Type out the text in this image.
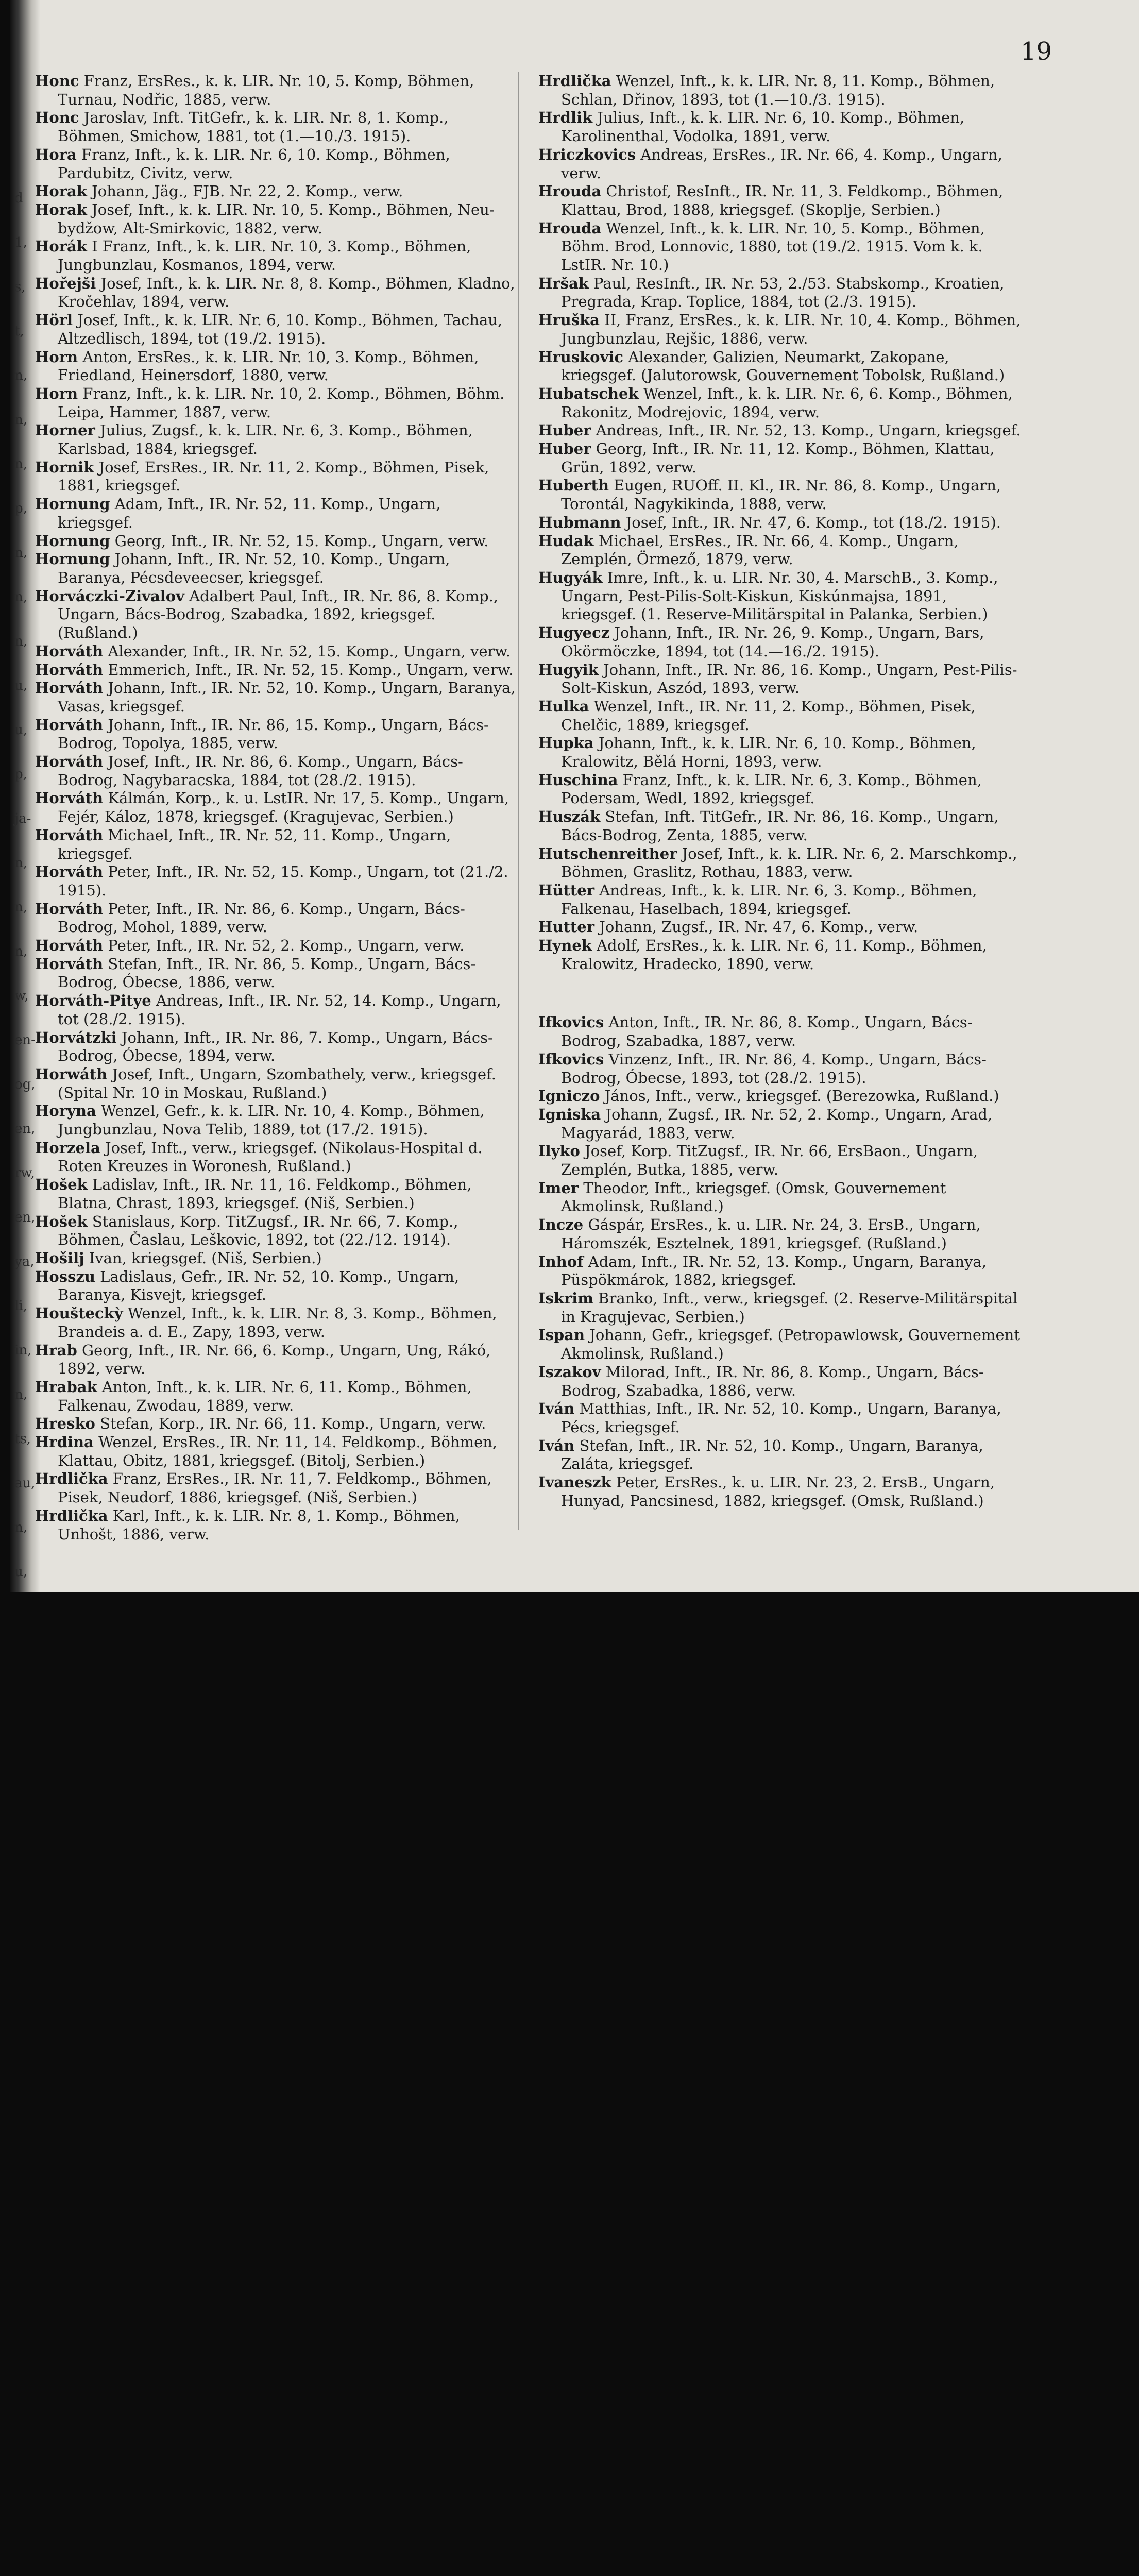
d
1,
s,
t,
n,
n,
n,
p,
n,
n,
n,
u,
u,
p,
ja-
n,
n,
n,
w,
en-
og,
en,
rw,
en,
ya,
li,
in,
n,
ts,
au,
n,
u,
19
Honc Franz, ErsRes., k. k. LIR. Nr. 10, 5. Komp, Böhmen, Turnau, Nodřic, 1885, verw.
Honc Jaroslav, Inft. TitGefr., k. k. LIR. Nr. 8, 1. Komp., Böhmen, Smichow, 1881, tot (1.—10./3. 1915).
Hora Franz, Inft., k. k. LIR. Nr. 6, 10. Komp., Böhmen, Pardubitz, Civitz, verw.
Horak Johann, Jäg., FJB. Nr. 22, 2. Komp., verw.
Horak Josef, Inft., k. k. LIR. Nr. 10, 5. Komp., Böhmen, Neu-bydžow, Alt-Smirkovic, 1882, verw.
Horák I Franz, Inft., k. k. LIR. Nr. 10, 3. Komp., Böhmen, Jungbunzlau, Kosmanos, 1894, verw.
Hořejši Josef, Inft., k. k. LIR. Nr. 8, 8. Komp., Böhmen, Kladno, Kročehlav, 1894, verw.
Hörl Josef, Inft., k. k. LIR. Nr. 6, 10. Komp., Böhmen, Tachau, Altzedlisch, 1894, tot (19./2. 1915).
Horn Anton, ErsRes., k. k. LIR. Nr. 10, 3. Komp., Böhmen, Friedland, Heinersdorf, 1880, verw.
Horn Franz, Inft., k. k. LIR. Nr. 10, 2. Komp., Böhmen, Böhm. Leipa, Hammer, 1887, verw.
Horner Julius, Zugsf., k. k. LIR. Nr. 6, 3. Komp., Böhmen, Karlsbad, 1884, kriegsgef.
Hornik Josef, ErsRes., IR. Nr. 11, 2. Komp., Böhmen, Pisek, 1881, kriegsgef.
Hornung Adam, Inft., IR. Nr. 52, 11. Komp., Ungarn, kriegsgef.
Hornung Georg, Inft., IR. Nr. 52, 15. Komp., Ungarn, verw.
Hornung Johann, Inft., IR. Nr. 52, 10. Komp., Ungarn, Baranya, Pécsdeveecser, kriegsgef.
Horváczki-Zivalov Adalbert Paul, Inft., IR. Nr. 86, 8. Komp., Ungarn, Bács-Bodrog, Szabadka, 1892, kriegsgef. (Rußland.)
Horváth Alexander, Inft., IR. Nr. 52, 15. Komp., Ungarn, verw.
Horváth Emmerich, Inft., IR. Nr. 52, 15. Komp., Ungarn, verw.
Horváth Johann, Inft., IR. Nr. 52, 10. Komp., Ungarn, Baranya, Vasas, kriegsgef.
Horváth Johann, Inft., IR. Nr. 86, 15. Komp., Ungarn, Bács-Bodrog, Topolya, 1885, verw.
Horváth Josef, Inft., IR. Nr. 86, 6. Komp., Ungarn, Bács-Bodrog, Nagybaracska, 1884, tot (28./2. 1915).
Horváth Kálmán, Korp., k. u. LstIR. Nr. 17, 5. Komp., Ungarn, Fejér, Káloz, 1878, kriegsgef. (Kragujevac, Serbien.)
Horváth Michael, Inft., IR. Nr. 52, 11. Komp., Ungarn, kriegsgef.
Horváth Peter, Inft., IR. Nr. 52, 15. Komp., Ungarn, tot (21./2. 1915).
Horváth Peter, Inft., IR. Nr. 86, 6. Komp., Ungarn, Bács-Bodrog, Mohol, 1889, verw.
Horváth Peter, Inft., IR. Nr. 52, 2. Komp., Ungarn, verw.
Horváth Stefan, Inft., IR. Nr. 86, 5. Komp., Ungarn, Bács-Bodrog, Óbecse, 1886, verw.
Horváth-Pitye Andreas, Inft., IR. Nr. 52, 14. Komp., Ungarn, tot (28./2. 1915).
Horvátzki Johann, Inft., IR. Nr. 86, 7. Komp., Ungarn, Bács-Bodrog, Óbecse, 1894, verw.
Horwáth Josef, Inft., Ungarn, Szombathely, verw., kriegsgef. (Spital Nr. 10 in Moskau, Rußland.)
Horyna Wenzel, Gefr., k. k. LIR. Nr. 10, 4. Komp., Böhmen, Jungbunzlau, Nova Telib, 1889, tot (17./2. 1915).
Horzela Josef, Inft., verw., kriegsgef. (Nikolaus-Hospital d. Roten Kreuzes in Woronesh, Rußland.)
Hošek Ladislav, Inft., IR. Nr. 11, 16. Feldkomp., Böhmen, Blatna, Chrast, 1893, kriegsgef. (Niš, Serbien.)
Hošek Stanislaus, Korp. TitZugsf., IR. Nr. 66, 7. Komp., Böhmen, Časlau, Leškovic, 1892, tot (22./12. 1914).
Hošilj Ivan, kriegsgef. (Niš, Serbien.)
Hosszu Ladislaus, Gefr., IR. Nr. 52, 10. Komp., Ungarn, Baranya, Kisvejt, kriegsgef.
Houšteckỳ Wenzel, Inft., k. k. LIR. Nr. 8, 3. Komp., Böhmen, Brandeis a. d. E., Zapy, 1893, verw.
Hrab Georg, Inft., IR. Nr. 66, 6. Komp., Ungarn, Ung, Rákó, 1892, verw.
Hrabak Anton, Inft., k. k. LIR. Nr. 6, 11. Komp., Böhmen, Falkenau, Zwodau, 1889, verw.
Hresko Stefan, Korp., IR. Nr. 66, 11. Komp., Ungarn, verw.
Hrdina Wenzel, ErsRes., IR. Nr. 11, 14. Feldkomp., Böhmen, Klattau, Obitz, 1881, kriegsgef. (Bitolj, Serbien.)
Hrdlička Franz, ErsRes., IR. Nr. 11, 7. Feldkomp., Böhmen, Pisek, Neudorf, 1886, kriegsgef. (Niš, Serbien.)
Hrdlička Karl, Inft., k. k. LIR. Nr. 8, 1. Komp., Böhmen, Unhošt, 1886, verw.
Hrdlička Wenzel, Inft., k. k. LIR. Nr. 8, 11. Komp., Böhmen, Schlan, Dřinov, 1893, tot (1.—10./3. 1915).
Hrdlik Julius, Inft., k. k. LIR. Nr. 6, 10. Komp., Böhmen, Karolinenthal, Vodolka, 1891, verw.
Hriczkovics Andreas, ErsRes., IR. Nr. 66, 4. Komp., Ungarn, verw.
Hrouda Christof, ResInft., IR. Nr. 11, 3. Feldkomp., Böhmen, Klattau, Brod, 1888, kriegsgef. (Skoplje, Serbien.)
Hrouda Wenzel, Inft., k. k. LIR. Nr. 10, 5. Komp., Böhmen, Böhm. Brod, Lonnovic, 1880, tot (19./2. 1915. Vom k. k. LstIR. Nr. 10.)
Hršak Paul, ResInft., IR. Nr. 53, 2./53. Stabskomp., Kroatien, Pregrada, Krap. Toplice, 1884, tot (2./3. 1915).
Hruška II, Franz, ErsRes., k. k. LIR. Nr. 10, 4. Komp., Böhmen, Jungbunzlau, Rejšic, 1886, verw.
Hruskovic Alexander, Galizien, Neumarkt, Zakopane, kriegsgef. (Jalutorowsk, Gouvernement Tobolsk, Rußland.)
Hubatschek Wenzel, Inft., k. k. LIR. Nr. 6, 6. Komp., Böhmen, Rakonitz, Modrejovic, 1894, verw.
Huber Andreas, Inft., IR. Nr. 52, 13. Komp., Ungarn, kriegsgef.
Huber Georg, Inft., IR. Nr. 11, 12. Komp., Böhmen, Klattau, Grün, 1892, verw.
Huberth Eugen, RUOff. II. Kl., IR. Nr. 86, 8. Komp., Ungarn, Torontál, Nagykikinda, 1888, verw.
Hubmann Josef, Inft., IR. Nr. 47, 6. Komp., tot (18./2. 1915).
Hudak Michael, ErsRes., IR. Nr. 66, 4. Komp., Ungarn, Zemplén, Örmező, 1879, verw.
Hugyák Imre, Inft., k. u. LIR. Nr. 30, 4. MarschB., 3. Komp., Ungarn, Pest-Pilis-Solt-Kiskun, Kiskúnmajsa, 1891, kriegsgef. (1. Reserve-Militärspital in Palanka, Serbien.)
Hugyecz Johann, Inft., IR. Nr. 26, 9. Komp., Ungarn, Bars, Okörmöczke, 1894, tot (14.—16./2. 1915).
Hugyik Johann, Inft., IR. Nr. 86, 16. Komp., Ungarn, Pest-Pilis-Solt-Kiskun, Aszód, 1893, verw.
Hulka Wenzel, Inft., IR. Nr. 11, 2. Komp., Böhmen, Pisek, Chelčic, 1889, kriegsgef.
Hupka Johann, Inft., k. k. LIR. Nr. 6, 10. Komp., Böhmen, Kralowitz, Bělá Horni, 1893, verw.
Huschina Franz, Inft., k. k. LIR. Nr. 6, 3. Komp., Böhmen, Podersam, Wedl, 1892, kriegsgef.
Huszák Stefan, Inft. TitGefr., IR. Nr. 86, 16. Komp., Ungarn, Bács-Bodrog, Zenta, 1885, verw.
Hutschenreither Josef, Inft., k. k. LIR. Nr. 6, 2. Marschkomp., Böhmen, Graslitz, Rothau, 1883, verw.
Hütter Andreas, Inft., k. k. LIR. Nr. 6, 3. Komp., Böhmen, Falkenau, Haselbach, 1894, kriegsgef.
Hutter Johann, Zugsf., IR. Nr. 47, 6. Komp., verw.
Hynek Adolf, ErsRes., k. k. LIR. Nr. 6, 11. Komp., Böhmen, Kralowitz, Hradecko, 1890, verw.
Ifkovics Anton, Inft., IR. Nr. 86, 8. Komp., Ungarn, Bács-Bodrog, Szabadka, 1887, verw.
Ifkovics Vinzenz, Inft., IR. Nr. 86, 4. Komp., Ungarn, Bács-Bodrog, Óbecse, 1893, tot (28./2. 1915).
Igniczo János, Inft., verw., kriegsgef. (Berezowka, Rußland.)
Igniska Johann, Zugsf., IR. Nr. 52, 2. Komp., Ungarn, Arad, Magyarád, 1883, verw.
Ilyko Josef, Korp. TitZugsf., IR. Nr. 66, ErsBaon., Ungarn, Zemplén, Butka, 1885, verw.
Imer Theodor, Inft., kriegsgef. (Omsk, Gouvernement Akmolinsk, Rußland.)
Incze Gáspár, ErsRes., k. u. LIR. Nr. 24, 3. ErsB., Ungarn, Háromszék, Esztelnek, 1891, kriegsgef. (Rußland.)
Inhof Adam, Inft., IR. Nr. 52, 13. Komp., Ungarn, Baranya, Püspökmárok, 1882, kriegsgef.
Iskrim Branko, Inft., verw., kriegsgef. (2. Reserve-Militärspital in Kragujevac, Serbien.)
Ispan Johann, Gefr., kriegsgef. (Petropawlowsk, Gouvernement Akmolinsk, Rußland.)
Iszakov Milorad, Inft., IR. Nr. 86, 8. Komp., Ungarn, Bács-Bodrog, Szabadka, 1886, verw.
Iván Matthias, Inft., IR. Nr. 52, 10. Komp., Ungarn, Baranya, Pécs, kriegsgef.
Iván Stefan, Inft., IR. Nr. 52, 10. Komp., Ungarn, Baranya, Zaláta, kriegsgef.
Ivaneszk Peter, ErsRes., k. u. LIR. Nr. 23, 2. ErsB., Ungarn, Hunyad, Pancsinesd, 1882, kriegsgef. (Omsk, Rußland.)
